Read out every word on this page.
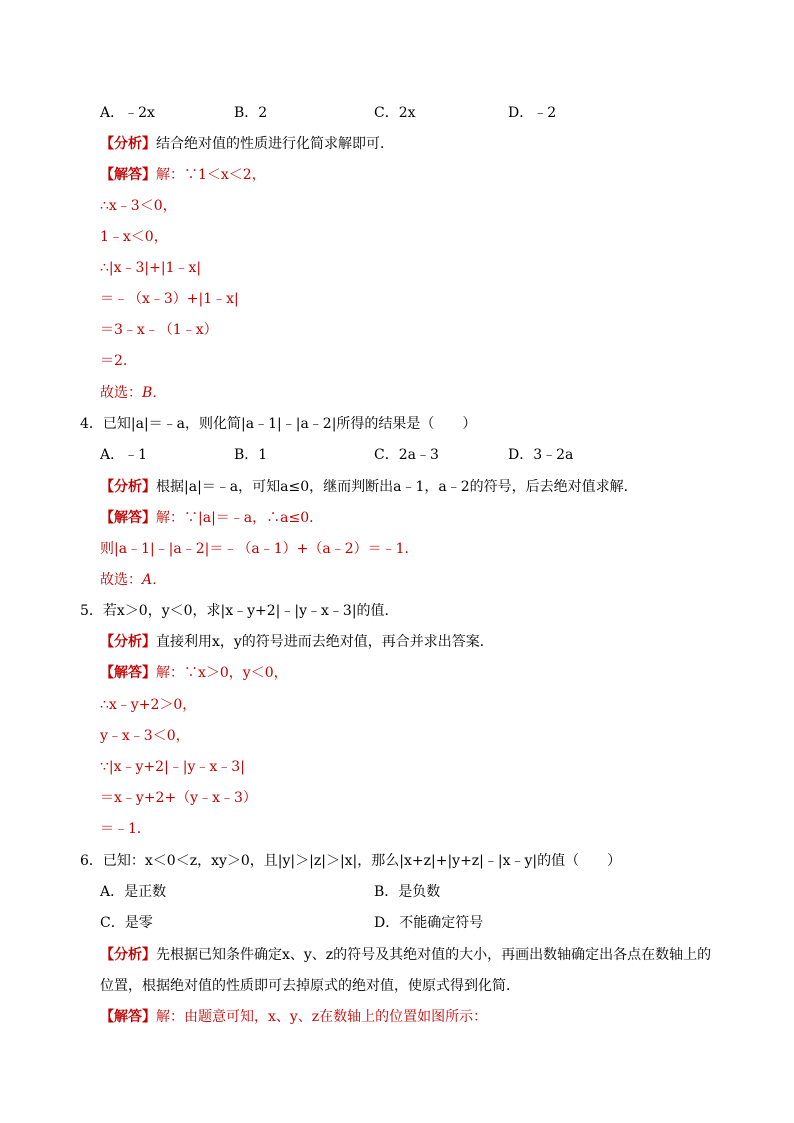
A．﹣2x	B．2	C．2x	D．﹣2
【分析】结合绝对值的性质进行化简求解即可．
【解答】解：∵1＜x＜2，
∴x﹣3＜0，
1﹣x＜0，
∴|x﹣3|+|1﹣x|
＝﹣（x﹣3）+|1﹣x|
＝3﹣x﹣（1﹣x）
＝2．
故选：B．
4．已知|a|＝﹣a，则化简|a﹣1|﹣|a﹣2|所得的结果是（　　）
A．﹣1	B．1	C．2a﹣3	D．3﹣2a
【分析】根据|a|＝﹣a，可知a≤0，继而判断出a﹣1，a﹣2的符号，后去绝对值求解．
【解答】解：∵|a|＝﹣a，∴a≤0．
则|a﹣1|﹣|a﹣2|＝﹣（a﹣1）+（a﹣2）＝﹣1．
故选：A．
5．若x＞0，y＜0，求|x﹣y+2|﹣|y﹣x﹣3|的值．
【分析】直接利用x，y的符号进而去绝对值，再合并求出答案．
【解答】解：∵x＞0，y＜0，
∴x﹣y+2＞0，
y﹣x﹣3＜0，
∵|x﹣y+2|﹣|y﹣x﹣3|
＝x﹣y+2+（y﹣x﹣3）
＝﹣1．
6．已知：x＜0＜z，xy＞0，且|y|＞|z|＞|x|，那么|x+z|+|y+z|﹣|x﹣y|的值（　　）
A．是正数	B．是负数
C．是零	D．不能确定符号
【分析】先根据已知条件确定x、y、z的符号及其绝对值的大小，再画出数轴确定出各点在数轴上的
位置，根据绝对值的性质即可去掉原式的绝对值，使原式得到化简．
【解答】解：由题意可知，x、y、z在数轴上的位置如图所示：
